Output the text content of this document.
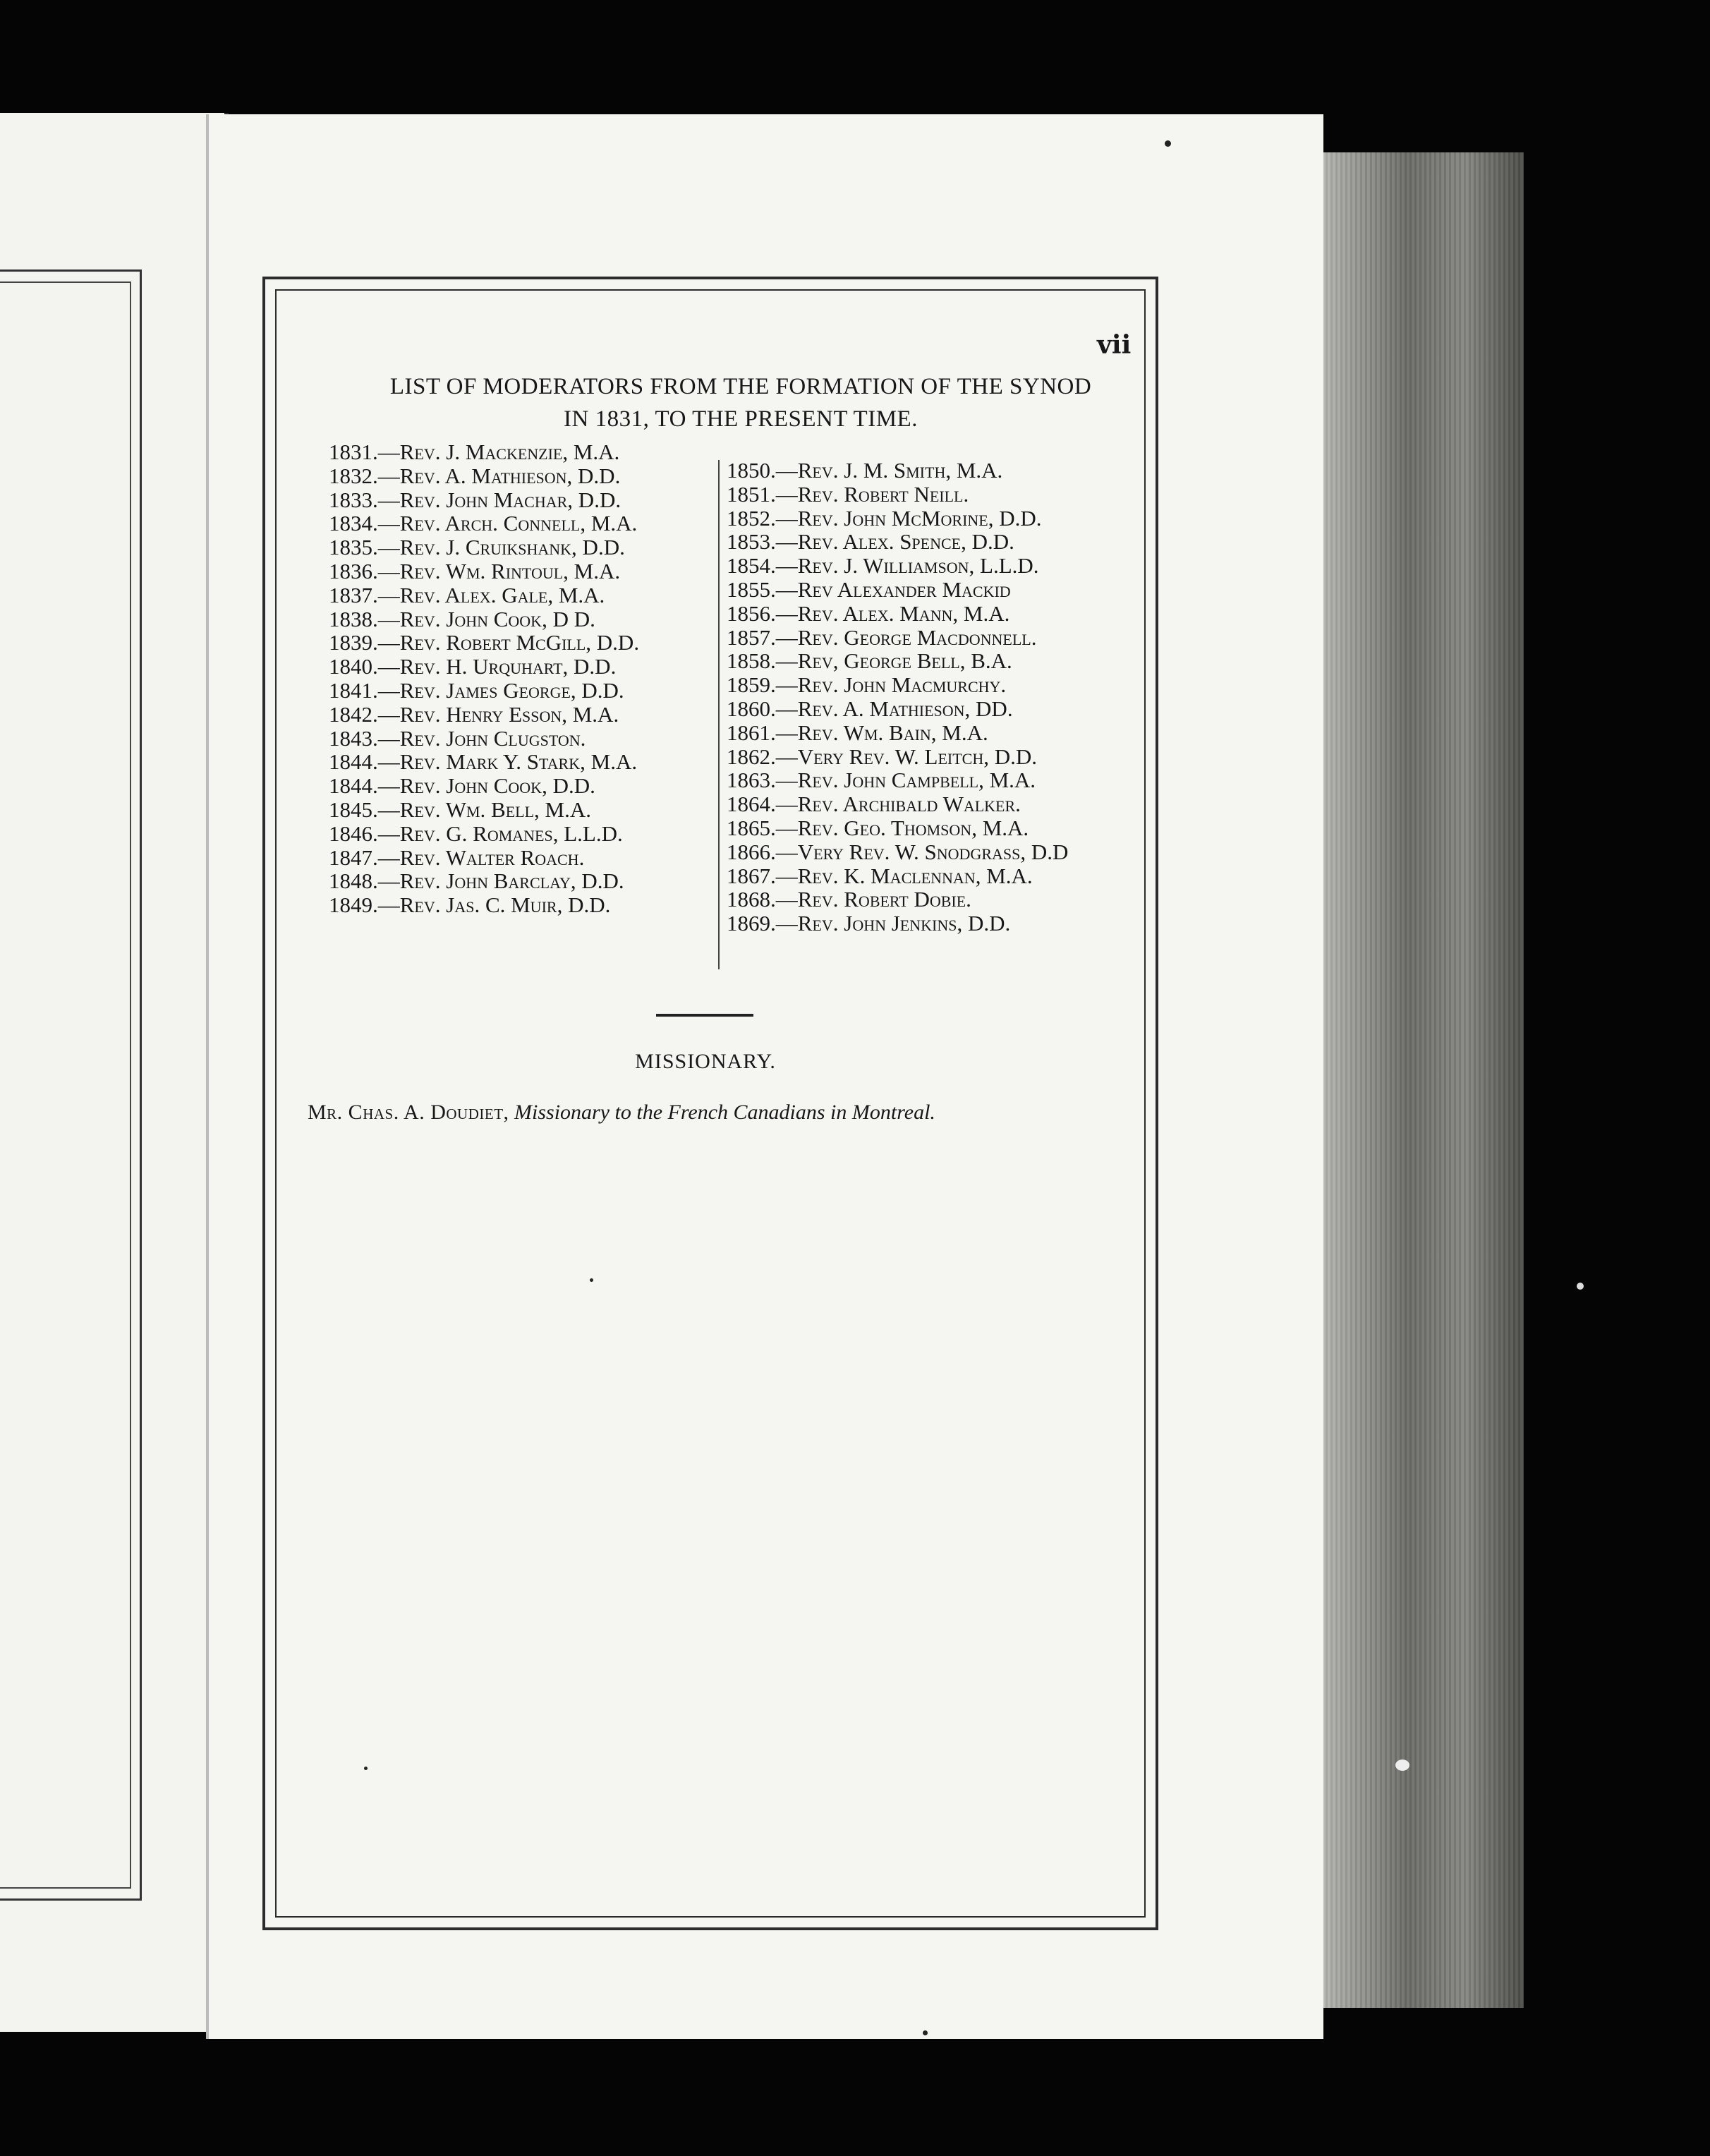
vii
LIST OF MODERATORS FROM THE FORMATION OF THE SYNOD
IN 1831, TO THE PRESENT TIME.
1831.—Rev. J. Mackenzie, M.A.
1832.—Rev. A. Mathieson, D.D.
1833.—Rev. John Machar, D.D.
1834.—Rev. Arch. Connell, M.A.
1835.—Rev. J. Cruikshank, D.D.
1836.—Rev. Wm. Rintoul, M.A.
1837.—Rev. Alex. Gale, M.A.
1838.—Rev. John Cook, D D.
1839.—Rev. Robert McGill, D.D.
1840.—Rev. H. Urquhart, D.D.
1841.—Rev. James George, D.D.
1842.—Rev. Henry Esson, M.A.
1843.—Rev. John Clugston.
1844.—Rev. Mark Y. Stark, M.A.
1844.—Rev. John Cook, D.D.
1845.—Rev. Wm. Bell, M.A.
1846.—Rev. G. Romanes, L.L.D.
1847.—Rev. Walter Roach.
1848.—Rev. John Barclay, D.D.
1849.—Rev. Jas. C. Muir, D.D.
1850.—Rev. J. M. Smith, M.A.
1851.—Rev. Robert Neill.
1852.—Rev. John McMorine, D.D.
1853.—Rev. Alex. Spence, D.D.
1854.—Rev. J. Williamson, L.L.D.
1855.—Rev Alexander Mackid
1856.—Rev. Alex. Mann, M.A.
1857.—Rev. George Macdonnell.
1858.—Rev, George Bell, B.A.
1859.—Rev. John Macmurchy.
1860.—Rev. A. Mathieson, DD.
1861.—Rev. Wm. Bain, M.A.
1862.—Very Rev. W. Leitch, D.D.
1863.—Rev. John Campbell, M.A.
1864.—Rev. Archibald Walker.
1865.—Rev. Geo. Thomson, M.A.
1866.—Very Rev. W. Snodgrass, D.D
1867.—Rev. K. Maclennan, M.A.
1868.—Rev. Robert Dobie.
1869.—Rev. John Jenkins, D.D.
MISSIONARY.
Mr. Chas. A. Doudiet, Missionary to the French Canadians in Montreal.
